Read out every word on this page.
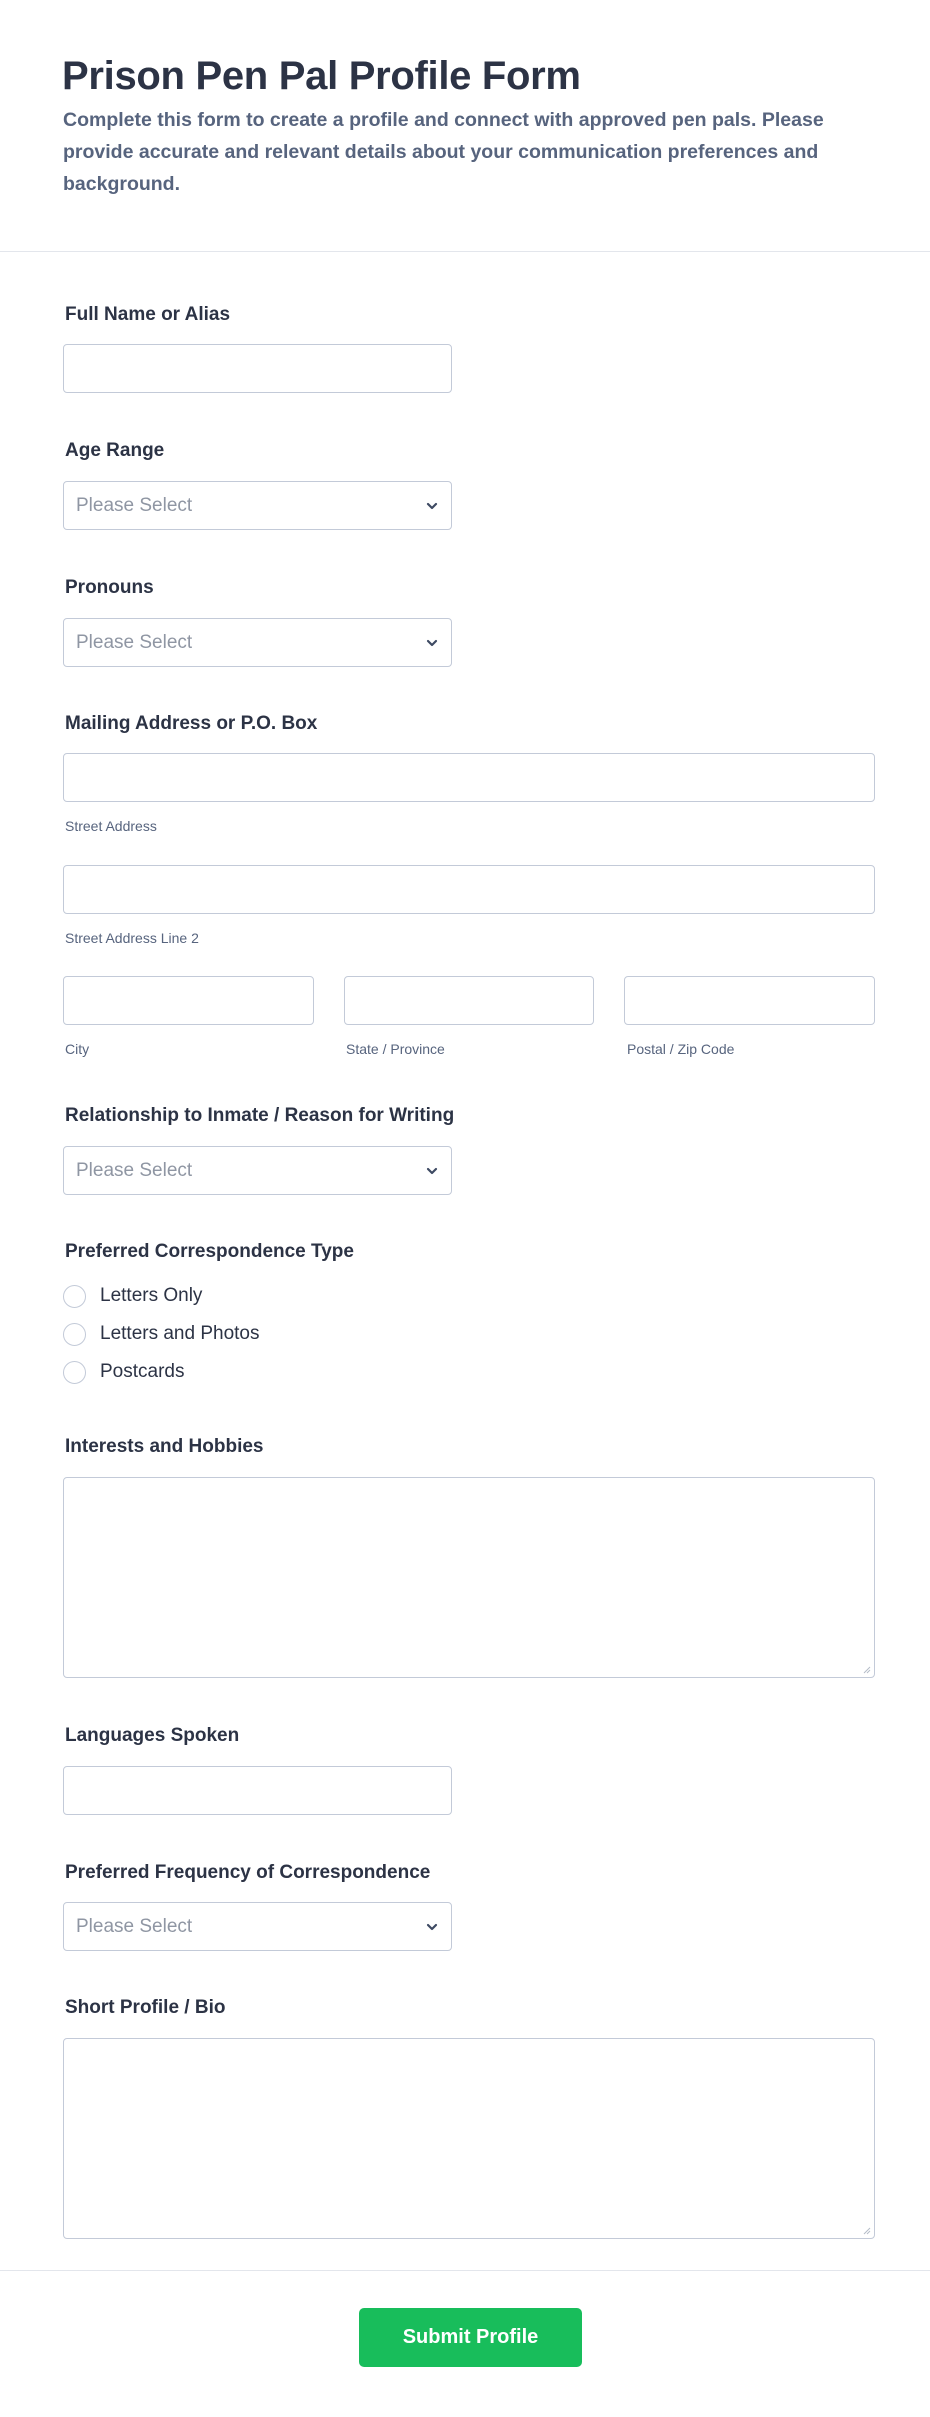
Prison Pen Pal Profile Form

Complete this form to create a profile and connect with approved pen pals. Please provide accurate and relevant details about your communication preferences and background.

Full Name or Alias
Age Range
Please Select
Pronouns
Please Select
Mailing Address or P.O. Box
Street Address
Street Address Line 2
City	State / Province	Postal / Zip Code
Relationship to Inmate / Reason for Writing
Please Select
Preferred Correspondence Type
Letters Only
Letters and Photos
Postcards
Interests and Hobbies
Languages Spoken
Preferred Frequency of Correspondence
Please Select
Short Profile / Bio
Submit Profile
